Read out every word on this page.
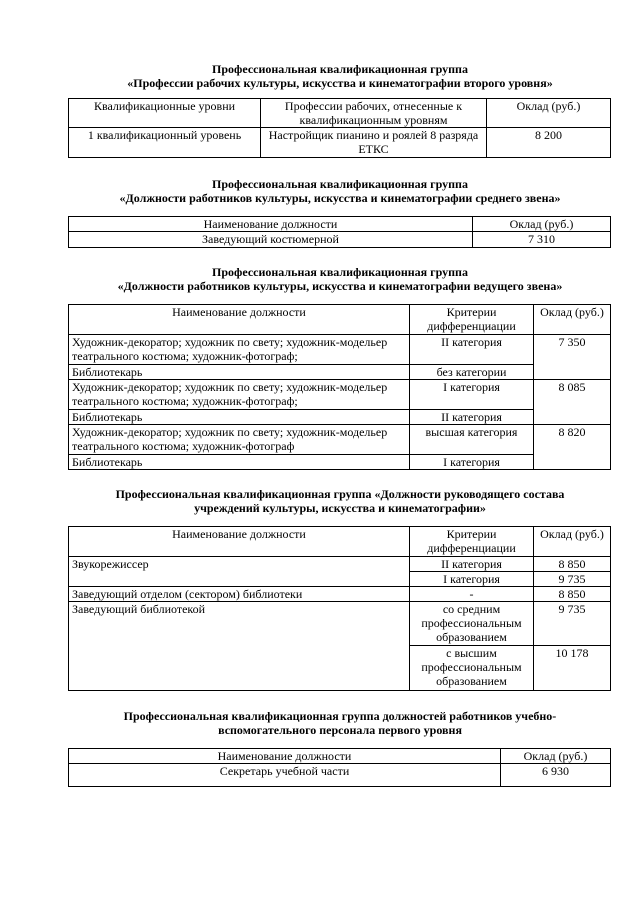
Профессиональная квалификационная группа
«Профессии рабочих культуры, искусства и кинематографии второго уровня»
Квалификационные уровни	Профессии рабочих, отнесенные к квалификационным уровням	Оклад (руб.)
1 квалификационный уровень	Настройщик пианино и роялей 8 разряда ЕТКС	8 200
Профессиональная квалификационная группа
«Должности работников культуры, искусства и кинематографии среднего звена»
Наименование должности	Оклад (руб.)
Заведующий костюмерной	7 310
Профессиональная квалификационная группа
«Должности работников культуры, искусства и кинематографии ведущего звена»
Наименование должности	Критерии дифференциации	Оклад (руб.)
Художник-декоратор; художник по свету; художник-модельер театрального костюма; художник-фотограф;	II категория	7 350
Библиотекарь	без категории	
Художник-декоратор; художник по свету; художник-модельер театрального костюма; художник-фотограф;	I категория	8 085
Библиотекарь	II категория	
Художник-декоратор; художник по свету; художник-модельер театрального костюма; художник-фотограф	высшая категория	8 820
Библиотекарь	I категория	
Профессиональная квалификационная группа «Должности руководящего состава
учреждений культуры, искусства и кинематографии»
Наименование должности	Критерии дифференциации	Оклад (руб.)
Звукорежиссер	II категория	8 850
	I категория	9 735
Заведующий отделом (сектором) библиотеки	-	8 850
Заведующий библиотекой	со средним профессиональным образованием	9 735
	с высшим профессиональным образованием	10 178
Профессиональная квалификационная группа должностей работников учебно-
вспомогательного персонала первого уровня
Наименование должности	Оклад (руб.)
Секретарь учебной части	6 930
